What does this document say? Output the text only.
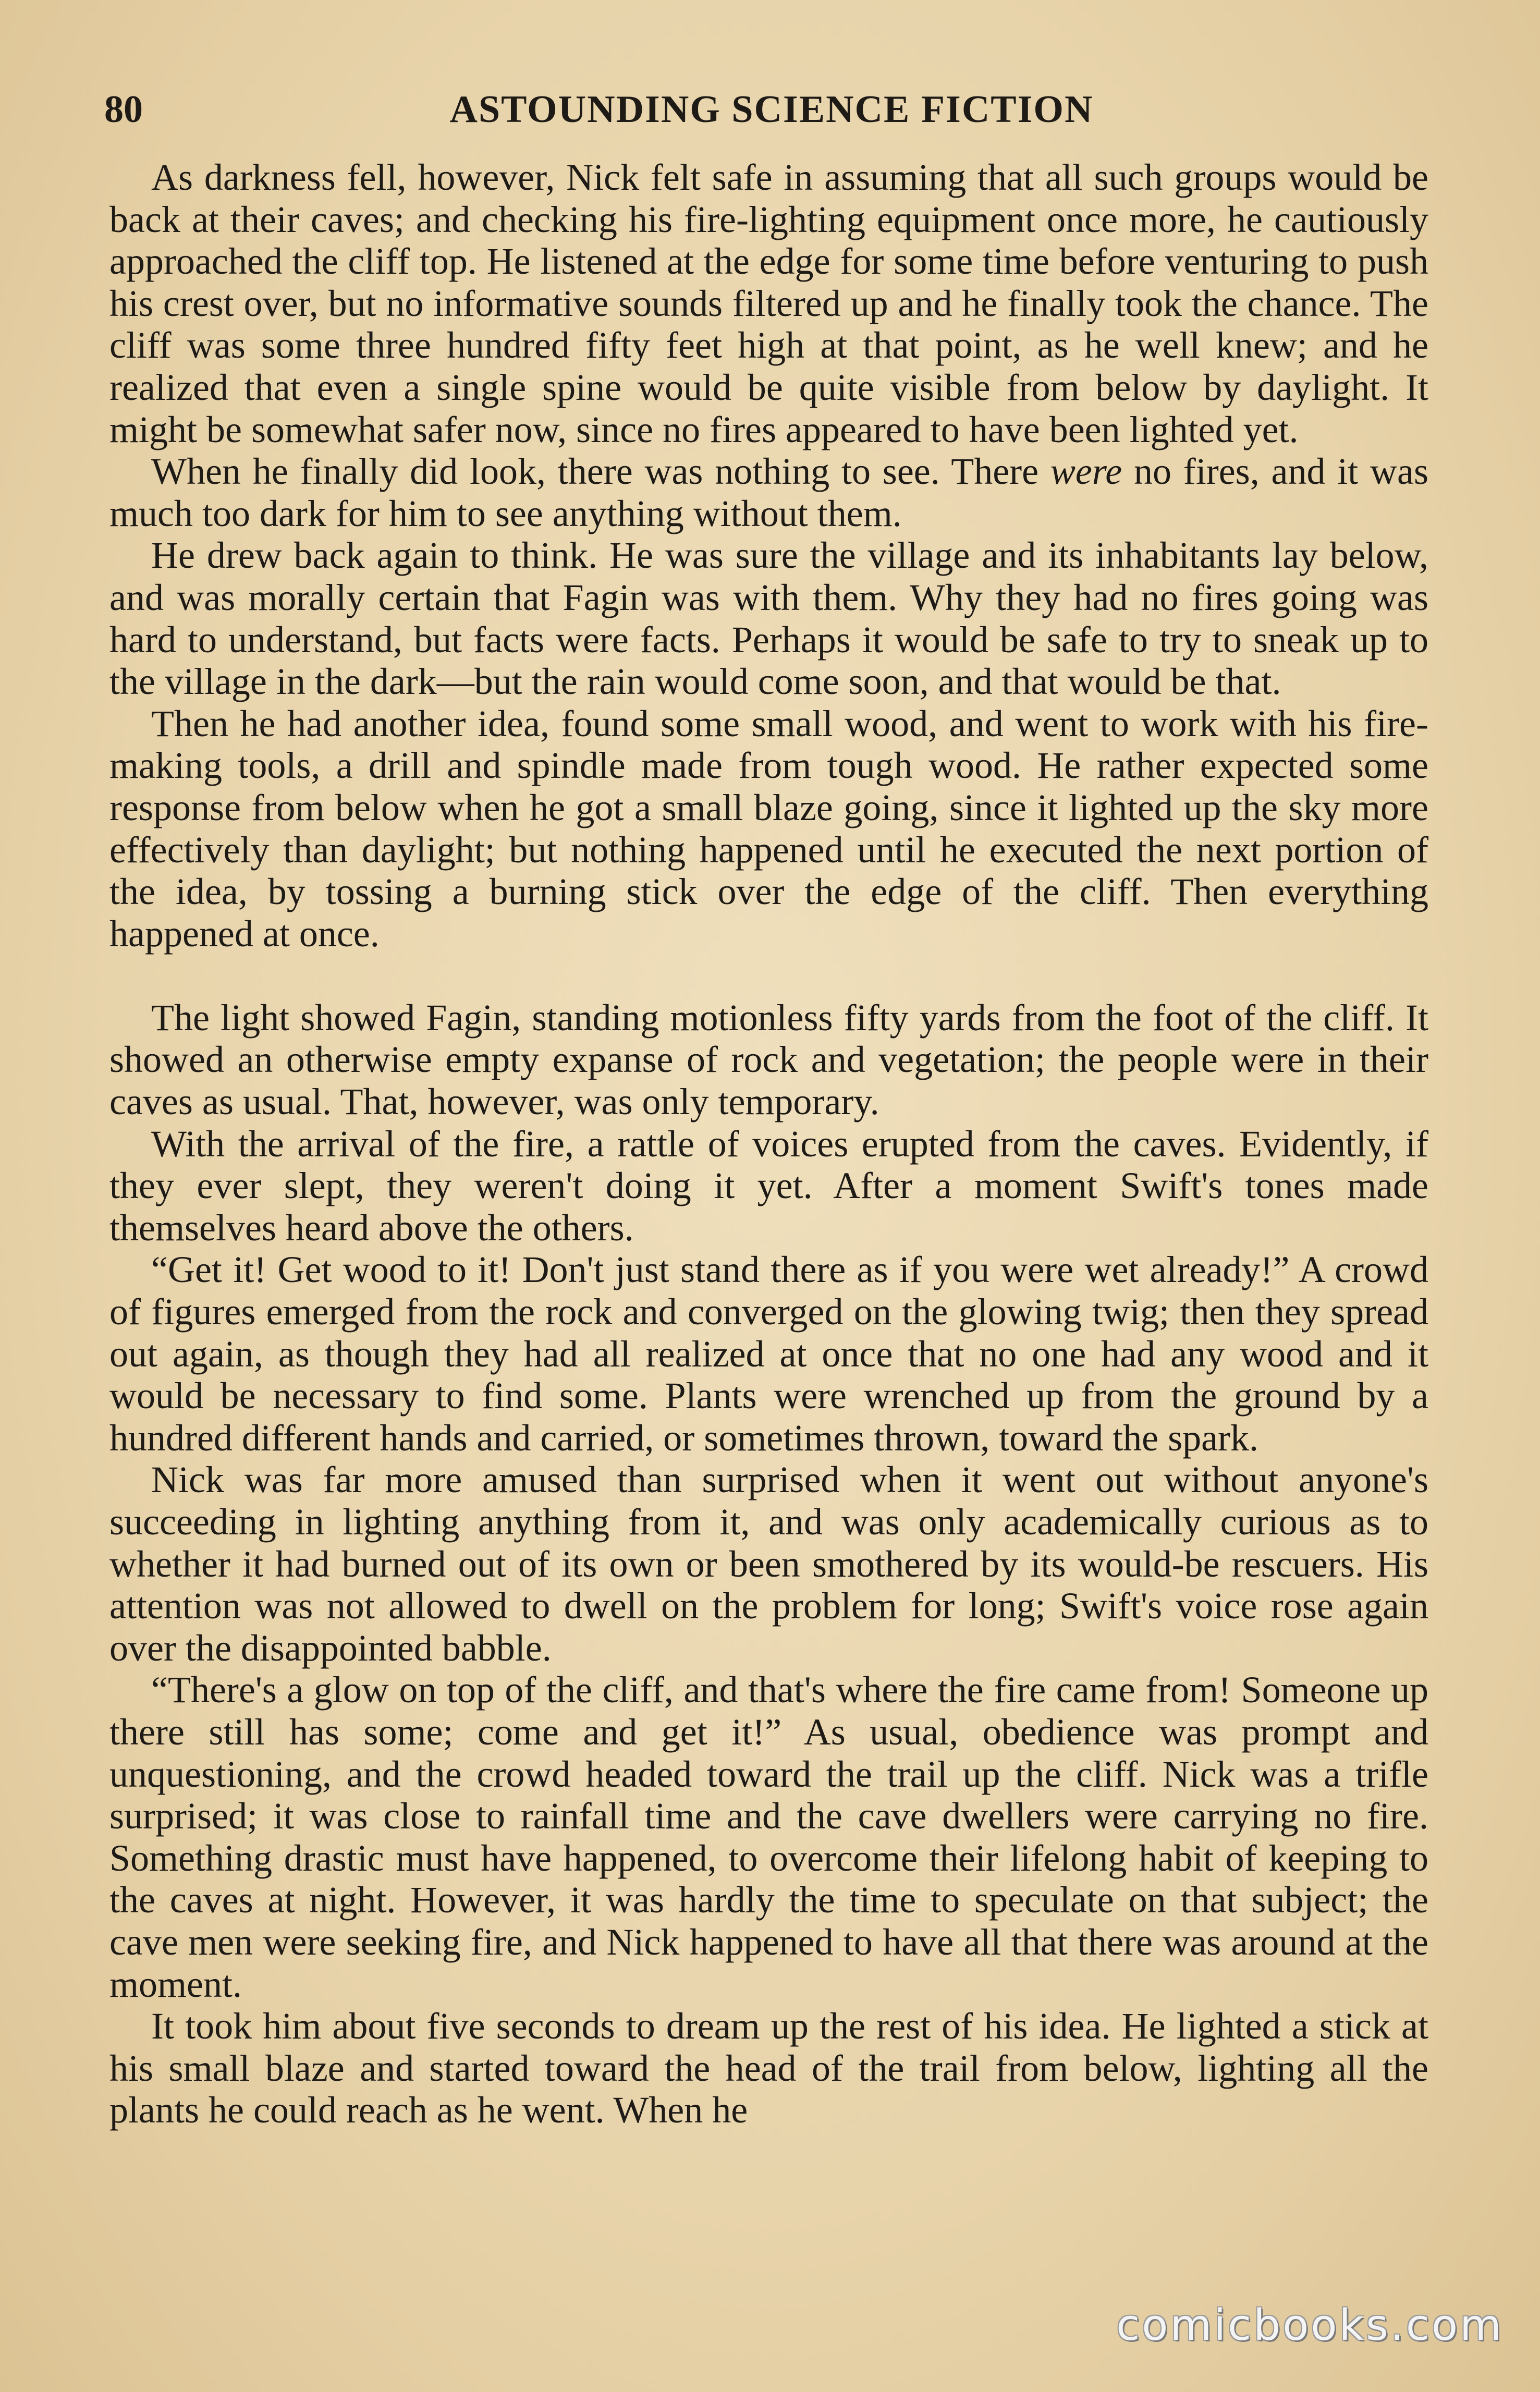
80	ASTOUNDING SCIENCE FICTION

As darkness fell, however, Nick felt safe in assuming that all such groups would be back at their caves; and checking his fire-lighting equipment once more, he cautiously approached the cliff top. He listened at the edge for some time before venturing to push his crest over, but no informative sounds filtered up and he finally took the chance. The cliff was some three hundred fifty feet high at that point, as he well knew; and he realized that even a single spine would be quite visible from below by daylight. It might be somewhat safer now, since no fires appeared to have been lighted yet.

When he finally did look, there was nothing to see. There were no fires, and it was much too dark for him to see anything without them.

He drew back again to think. He was sure the village and its inhabitants lay below, and was morally certain that Fagin was with them. Why they had no fires going was hard to understand, but facts were facts. Perhaps it would be safe to try to sneak up to the village in the dark—but the rain would come soon, and that would be that.

Then he had another idea, found some small wood, and went to work with his fire-making tools, a drill and spindle made from tough wood. He rather expected some response from below when he got a small blaze going, since it lighted up the sky more effectively than daylight; but nothing happened until he executed the next portion of the idea, by tossing a burning stick over the edge of the cliff. Then everything happened at once.

The light showed Fagin, standing motionless fifty yards from the foot of the cliff. It showed an otherwise empty expanse of rock and vegetation; the people were in their caves as usual. That, however, was only temporary.

With the arrival of the fire, a rattle of voices erupted from the caves. Evidently, if they ever slept, they weren't doing it yet. After a moment Swift's tones made themselves heard above the others.

“Get it! Get wood to it! Don't just stand there as if you were wet already!” A crowd of figures emerged from the rock and converged on the glowing twig; then they spread out again, as though they had all realized at once that no one had any wood and it would be necessary to find some. Plants were wrenched up from the ground by a hundred different hands and carried, or sometimes thrown, toward the spark.

Nick was far more amused than surprised when it went out without anyone's succeeding in lighting anything from it, and was only academically curious as to whether it had burned out of its own or been smothered by its would-be rescuers. His attention was not allowed to dwell on the problem for long; Swift's voice rose again over the disappointed babble.

“There's a glow on top of the cliff, and that's where the fire came from! Someone up there still has some; come and get it!” As usual, obedience was prompt and unquestioning, and the crowd headed toward the trail up the cliff. Nick was a trifle surprised; it was close to rainfall time and the cave dwellers were carrying no fire. Something drastic must have happened, to overcome their lifelong habit of keeping to the caves at night. However, it was hardly the time to speculate on that subject; the cave men were seeking fire, and Nick happened to have all that there was around at the moment.

It took him about five seconds to dream up the rest of his idea. He lighted a stick at his small blaze and started toward the head of the trail from below, lighting all the plants he could reach as he went. When he

comicbooks.com
